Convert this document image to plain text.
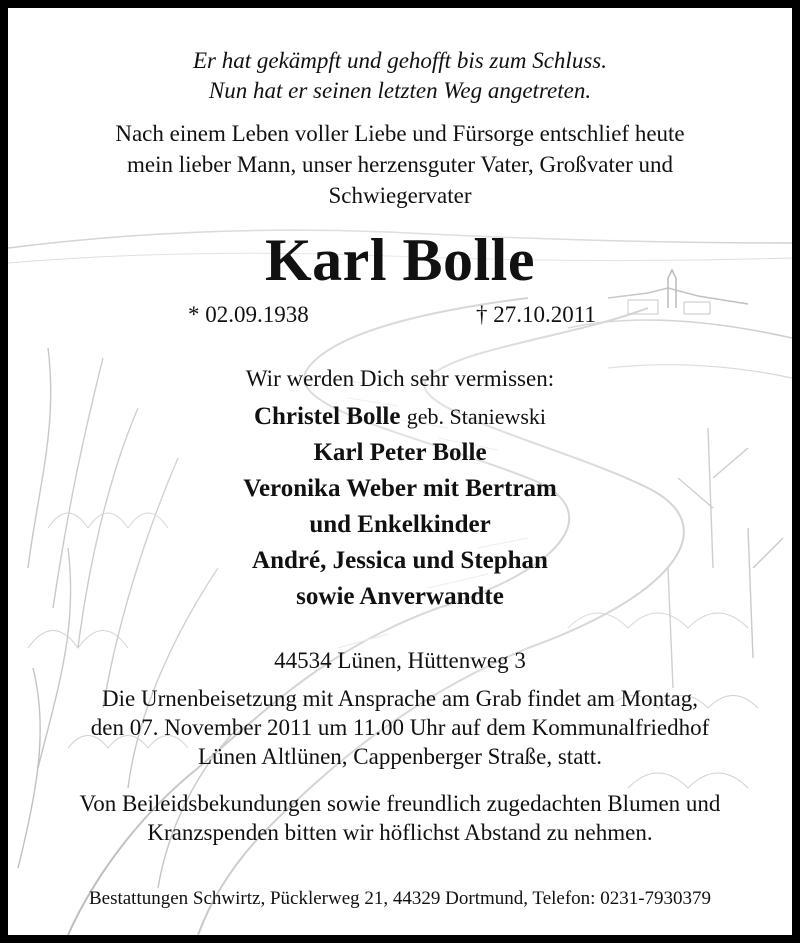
Er hat gekämpft und gehofft bis zum Schluss.
Nun hat er seinen letzten Weg angetreten.
Nach einem Leben voller Liebe und Fürsorge entschlief heute
mein lieber Mann, unser herzensguter Vater, Großvater und
Schwiegervater
Karl Bolle
* 02.09.1938	† 27.10.2011
Wir werden Dich sehr vermissen:
Christel Bolle geb. Staniewski
Karl Peter Bolle
Veronika Weber mit Bertram
und Enkelkinder
André, Jessica und Stephan
sowie Anverwandte
44534 Lünen, Hüttenweg 3
Die Urnenbeisetzung mit Ansprache am Grab findet am Montag,
den 07. November 2011 um 11.00 Uhr auf dem Kommunalfriedhof
Lünen Altlünen, Cappenberger Straße, statt.
Von Beileidsbekundungen sowie freundlich zugedachten Blumen und
Kranzspenden bitten wir höflichst Abstand zu nehmen.
Bestattungen Schwirtz, Pücklerweg 21, 44329 Dortmund, Telefon: 0231-7930379
